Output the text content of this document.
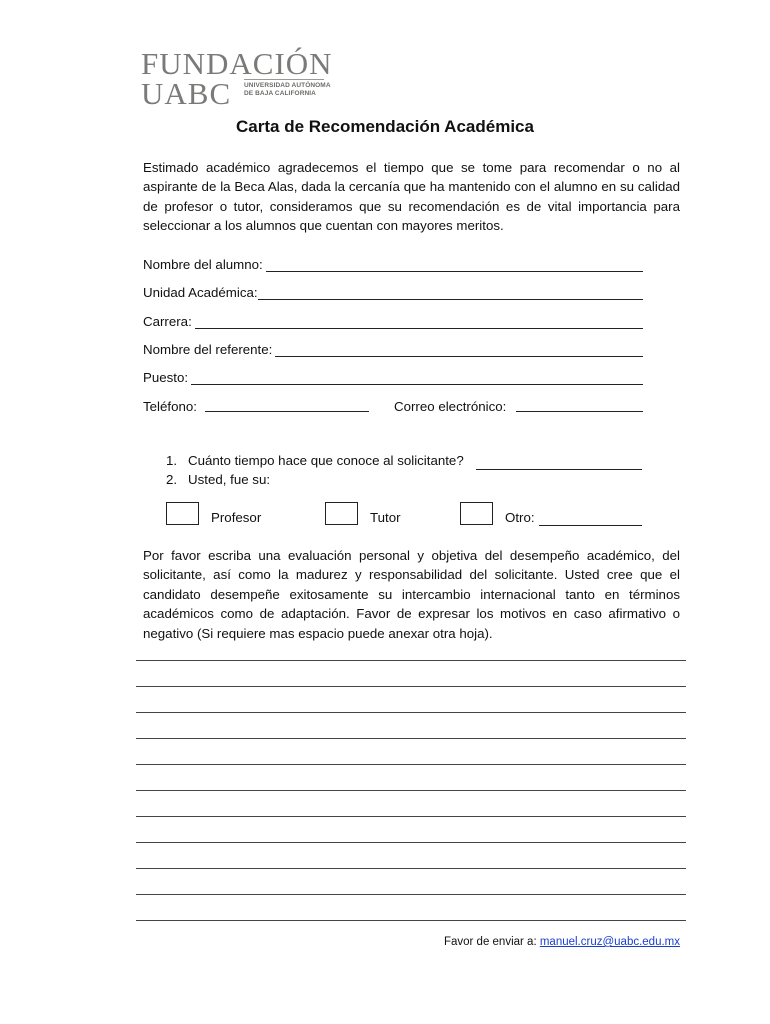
FUNDACIÓN
UABC UNIVERSIDAD AUTÓNOMA
DE BAJA CALIFORNIA
Carta de Recomendación Académica

Estimado académico agradecemos el tiempo que se tome para recomendar o no al aspirante de la Beca Alas, dada la cercanía que ha mantenido con el alumno en su calidad de profesor o tutor, consideramos que su recomendación es de vital importancia para seleccionar a los alumnos que cuentan con mayores meritos.

Nombre del alumno:
Unidad Académica:
Carrera:
Nombre del referente:
Puesto:
Teléfono:	Correo electrónico:
1. Cuánto tiempo hace que conoce al solicitante?
2. Usted, fue su:
Profesor	Tutor	Otro:

Por favor escriba una evaluación personal y objetiva del desempeño académico, del solicitante, así como la madurez y responsabilidad del solicitante. Usted cree que el candidato desempeñe exitosamente su intercambio internacional tanto en términos académicos como de adaptación. Favor de expresar los motivos en caso afirmativo o negativo (Si requiere mas espacio puede anexar otra hoja).

Favor de enviar a: manuel.cruz@uabc.edu.mx
